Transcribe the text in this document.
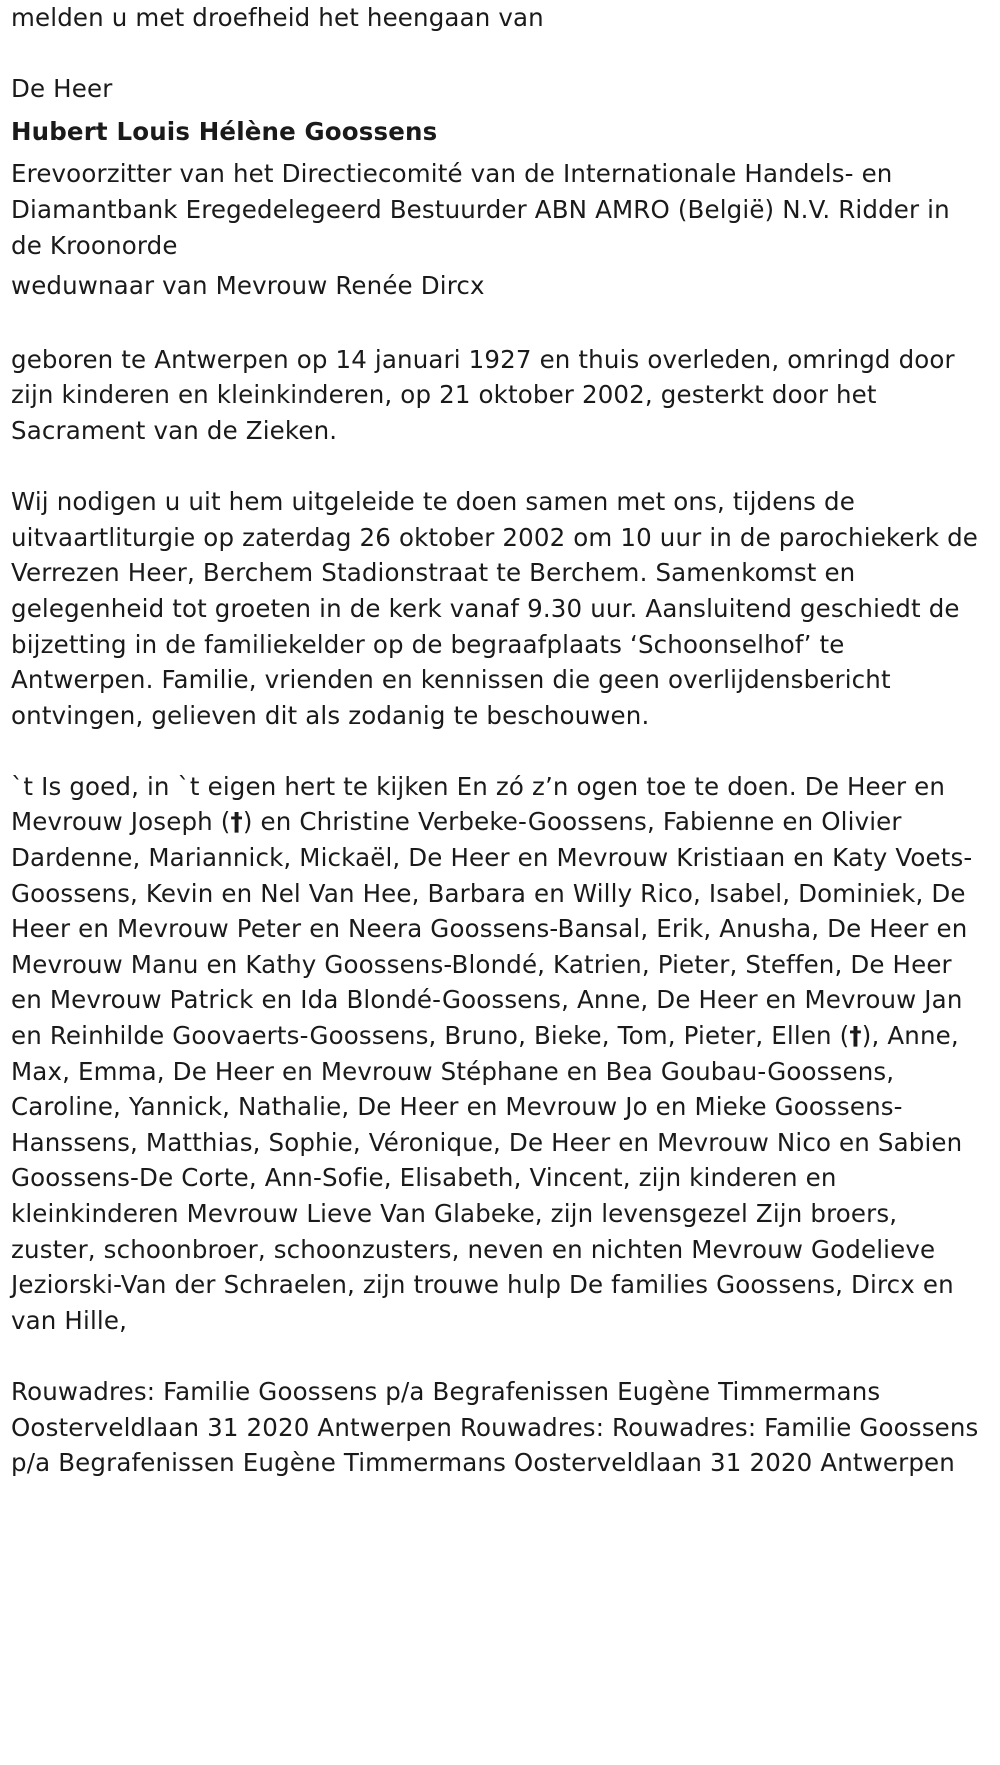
melden u met droefheid het heengaan van

De Heer

Hubert Louis Hélène Goossens

Erevoorzitter van het Directiecomité van de Internationale Handels- en Diamantbank Eregedelegeerd Bestuurder ABN AMRO (België) N.V. Ridder in de Kroonorde

weduwnaar van Mevrouw Renée Dircx

geboren te Antwerpen op 14 januari 1927 en thuis overleden, omringd door zijn kinderen en kleinkinderen, op 21 oktober 2002, gesterkt door het Sacrament van de Zieken.

Wij nodigen u uit hem uitgeleide te doen samen met ons, tijdens de uitvaartliturgie op zaterdag 26 oktober 2002 om 10 uur in de parochiekerk de Verrezen Heer, Berchem Stadionstraat te Berchem. Samenkomst en gelegenheid tot groeten in de kerk vanaf 9.30 uur. Aansluitend geschiedt de bijzetting in de familiekelder op de begraafplaats ‘Schoonselhof’ te Antwerpen. Familie, vrienden en kennissen die geen overlijdensbericht ontvingen, gelieven dit als zodanig te beschouwen.

`t Is goed, in `t eigen hert te kijken En zó z’n ogen toe te doen. De Heer en Mevrouw Joseph (†) en Christine Verbeke-Goossens, Fabienne en Olivier Dardenne, Mariannick, Mickaël, De Heer en Mevrouw Kristiaan en Katy Voets-Goossens, Kevin en Nel Van Hee, Barbara en Willy Rico, Isabel, Dominiek, De Heer en Mevrouw Peter en Neera Goossens-Bansal, Erik, Anusha, De Heer en Mevrouw Manu en Kathy Goossens-Blondé, Katrien, Pieter, Steffen, De Heer en Mevrouw Patrick en Ida Blondé-Goossens, Anne, De Heer en Mevrouw Jan en Reinhilde Goovaerts-Goossens, Bruno, Bieke, Tom, Pieter, Ellen (†), Anne, Max, Emma, De Heer en Mevrouw Stéphane en Bea Goubau-Goossens, Caroline, Yannick, Nathalie, De Heer en Mevrouw Jo en Mieke Goossens-Hanssens, Matthias, Sophie, Véronique, De Heer en Mevrouw Nico en Sabien Goossens-De Corte, Ann-Sofie, Elisabeth, Vincent, zijn kinderen en kleinkinderen Mevrouw Lieve Van Glabeke, zijn levensgezel Zijn broers, zuster, schoonbroer, schoonzusters, neven en nichten Mevrouw Godelieve Jeziorski-Van der Schraelen, zijn trouwe hulp De families Goossens, Dircx en van Hille,

Rouwadres: Familie Goossens p/a Begrafenissen Eugène Timmermans Oosterveldlaan 31 2020 Antwerpen Rouwadres: Rouwadres: Familie Goossens p/a Begrafenissen Eugène Timmermans Oosterveldlaan 31 2020 Antwerpen
